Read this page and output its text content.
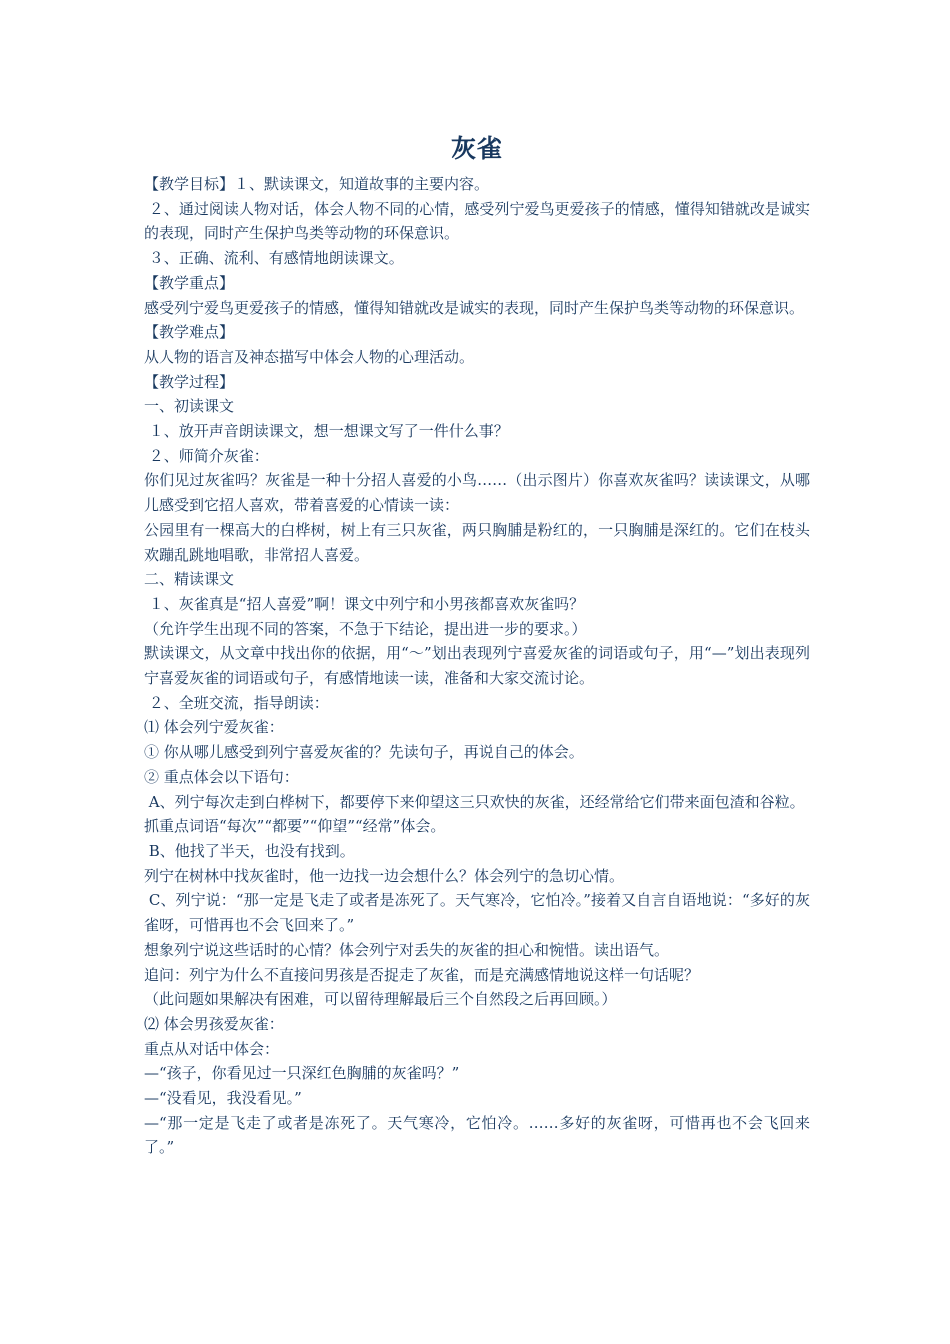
灰雀

【教学目标】１、默读课文，知道故事的主要内容。

２、通过阅读人物对话，体会人物不同的心情，感受列宁爱鸟更爱孩子的情感，懂得知错就改是诚实的表现，同时产生保护鸟类等动物的环保意识。

３、正确、流利、有感情地朗读课文。

【教学重点】

感受列宁爱鸟更爱孩子的情感，懂得知错就改是诚实的表现，同时产生保护鸟类等动物的环保意识。

【教学难点】

从人物的语言及神态描写中体会人物的心理活动。

【教学过程】

一、初读课文

１、放开声音朗读课文，想一想课文写了一件什么事？

２、师简介灰雀：

你们见过灰雀吗？灰雀是一种十分招人喜爱的小鸟……（出示图片）你喜欢灰雀吗？读读课文，从哪儿感受到它招人喜欢，带着喜爱的心情读一读：

公园里有一棵高大的白桦树，树上有三只灰雀，两只胸脯是粉红的，一只胸脯是深红的。它们在枝头欢蹦乱跳地唱歌，非常招人喜爱。

二、精读课文

１、灰雀真是“招人喜爱”啊！课文中列宁和小男孩都喜欢灰雀吗？

（允许学生出现不同的答案，不急于下结论，提出进一步的要求。）

默读课文，从文章中找出你的依据，用“～”划出表现列宁喜爱灰雀的词语或句子，用“—”划出表现列宁喜爱灰雀的词语或句子，有感情地读一读，准备和大家交流讨论。

２、全班交流，指导朗读：

⑴ 体会列宁爱灰雀：

① 你从哪儿感受到列宁喜爱灰雀的？先读句子，再说自己的体会。

② 重点体会以下语句：

A、列宁每次走到白桦树下，都要停下来仰望这三只欢快的灰雀，还经常给它们带来面包渣和谷粒。

抓重点词语“每次”“都要”“仰望”“经常”体会。

B、他找了半天，也没有找到。

列宁在树林中找灰雀时，他一边找一边会想什么？体会列宁的急切心情。

C、列宁说：“那一定是飞走了或者是冻死了。天气寒冷，它怕冷。”接着又自言自语地说：“多好的灰雀呀，可惜再也不会飞回来了。”

想象列宁说这些话时的心情？体会列宁对丢失的灰雀的担心和惋惜。读出语气。

追问：列宁为什么不直接问男孩是否捉走了灰雀，而是充满感情地说这样一句话呢？

（此问题如果解决有困难，可以留待理解最后三个自然段之后再回顾。）

⑵ 体会男孩爱灰雀：

重点从对话中体会：

—“孩子，你看见过一只深红色胸脯的灰雀吗？”

—“没看见，我没看见。”

—“那一定是飞走了或者是冻死了。天气寒冷，它怕冷。……多好的灰雀呀，可惜再也不会飞回来了。”
